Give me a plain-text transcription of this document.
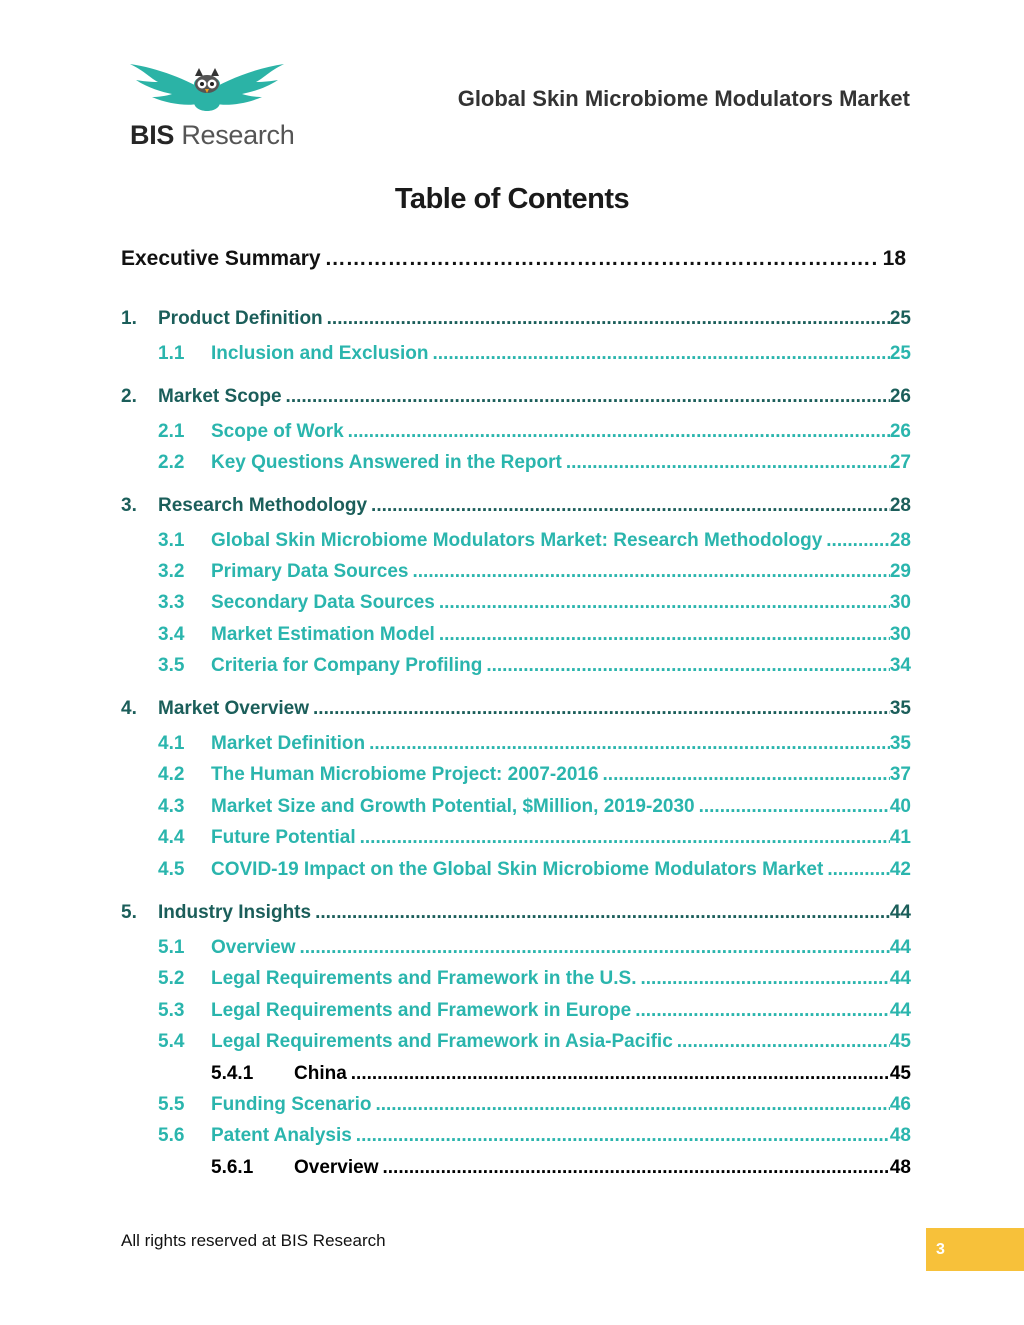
BIS Research
Global Skin Microbiome Modulators Market
Table of Contents
Executive Summary ……………………………………………………………………………………………………………………	18
1.	Product Definition .....	25
1.1	Inclusion and Exclusion .....	25
2.	Market Scope .....	26
2.1	Scope of Work .....	26
2.2	Key Questions Answered in the Report .....	27
3.	Research Methodology .....	28
3.1	Global Skin Microbiome Modulators Market: Research Methodology .....	28
3.2	Primary Data Sources .....	29
3.3	Secondary Data Sources .....	30
3.4	Market Estimation Model .....	30
3.5	Criteria for Company Profiling .....	34
4.	Market Overview .....	35
4.1	Market Definition .....	35
4.2	The Human Microbiome Project: 2007-2016 .....	37
4.3	Market Size and Growth Potential, $Million, 2019-2030 .....	40
4.4	Future Potential .....	41
4.5	COVID-19 Impact on the Global Skin Microbiome Modulators Market .....	42
5.	Industry Insights .....	44
5.1	Overview .....	44
5.2	Legal Requirements and Framework in the U.S. .....	44
5.3	Legal Requirements and Framework in Europe .....	44
5.4	Legal Requirements and Framework in Asia-Pacific .....	45
5.4.1	China .....	45
5.5	Funding Scenario .....	46
5.6	Patent Analysis .....	48
5.6.1	Overview .....	48
All rights reserved at BIS Research	3
